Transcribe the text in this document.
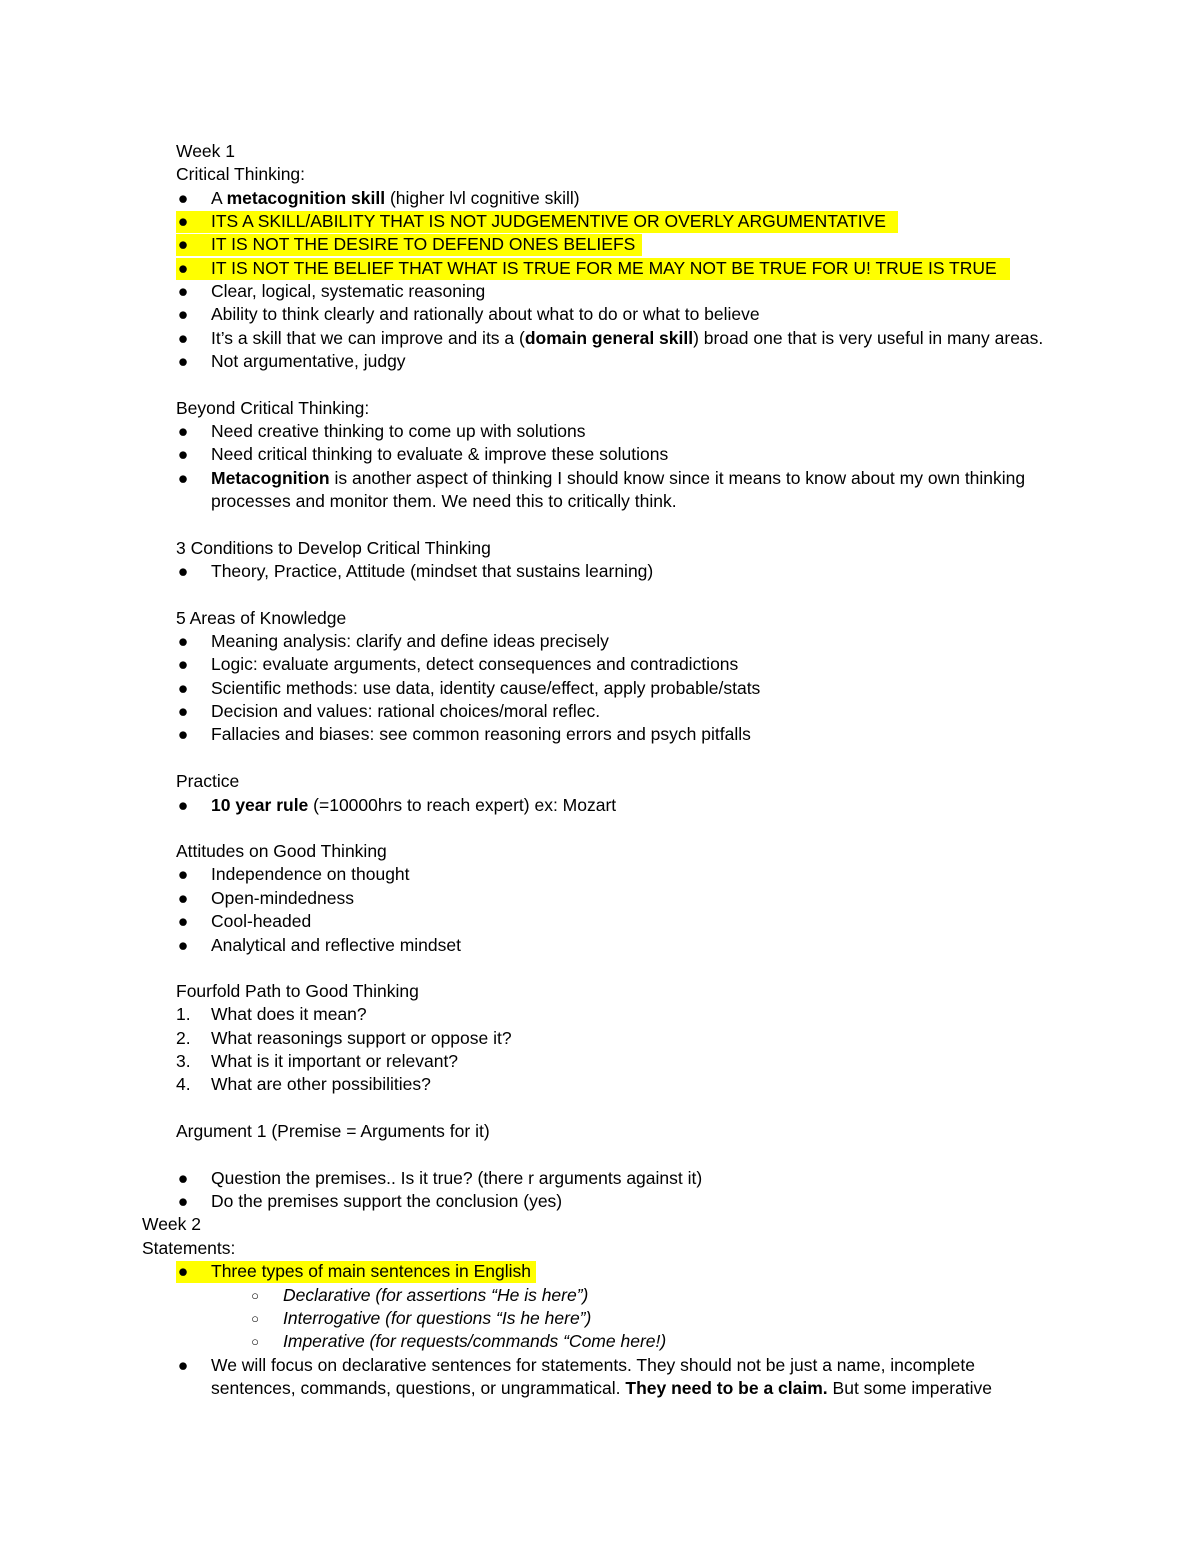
Week 1
Critical Thinking:
● A metacognition skill (higher lvl cognitive skill)
● ITS A SKILL/ABILITY THAT IS NOT JUDGEMENTIVE OR OVERLY ARGUMENTATIVE
● IT IS NOT THE DESIRE TO DEFEND ONES BELIEFS
● IT IS NOT THE BELIEF THAT WHAT IS TRUE FOR ME MAY NOT BE TRUE FOR U! TRUE IS TRUE
● Clear, logical, systematic reasoning
● Ability to think clearly and rationally about what to do or what to believe
● It’s a skill that we can improve and its a (domain general skill) broad one that is very useful in many areas.
● Not argumentative, judgy
Beyond Critical Thinking:
● Need creative thinking to come up with solutions
● Need critical thinking to evaluate & improve these solutions
● Metacognition is another aspect of thinking I should know since it means to know about my own thinking
processes and monitor them. We need this to critically think.
3 Conditions to Develop Critical Thinking
● Theory, Practice, Attitude (mindset that sustains learning)
5 Areas of Knowledge
● Meaning analysis: clarify and define ideas precisely
● Logic: evaluate arguments, detect consequences and contradictions
● Scientific methods: use data, identity cause/effect, apply probable/stats
● Decision and values: rational choices/moral reflec.
● Fallacies and biases: see common reasoning errors and psych pitfalls
Practice
● 10 year rule (=10000hrs to reach expert) ex: Mozart
Attitudes on Good Thinking
● Independence on thought
● Open-mindedness
● Cool-headed
● Analytical and reflective mindset
Fourfold Path to Good Thinking
1. What does it mean?
2. What reasonings support or oppose it?
3. What is it important or relevant?
4. What are other possibilities?
Argument 1 (Premise = Arguments for it)
● Question the premises.. Is it true? (there r arguments against it)
● Do the premises support the conclusion (yes)
Week 2
Statements:
● Three types of main sentences in English
○ Declarative (for assertions “He is here”)
○ Interrogative (for questions “Is he here”)
○ Imperative (for requests/commands “Come here!)
● We will focus on declarative sentences for statements. They should not be just a name, incomplete
sentences, commands, questions, or ungrammatical. They need to be a claim. But some imperative
